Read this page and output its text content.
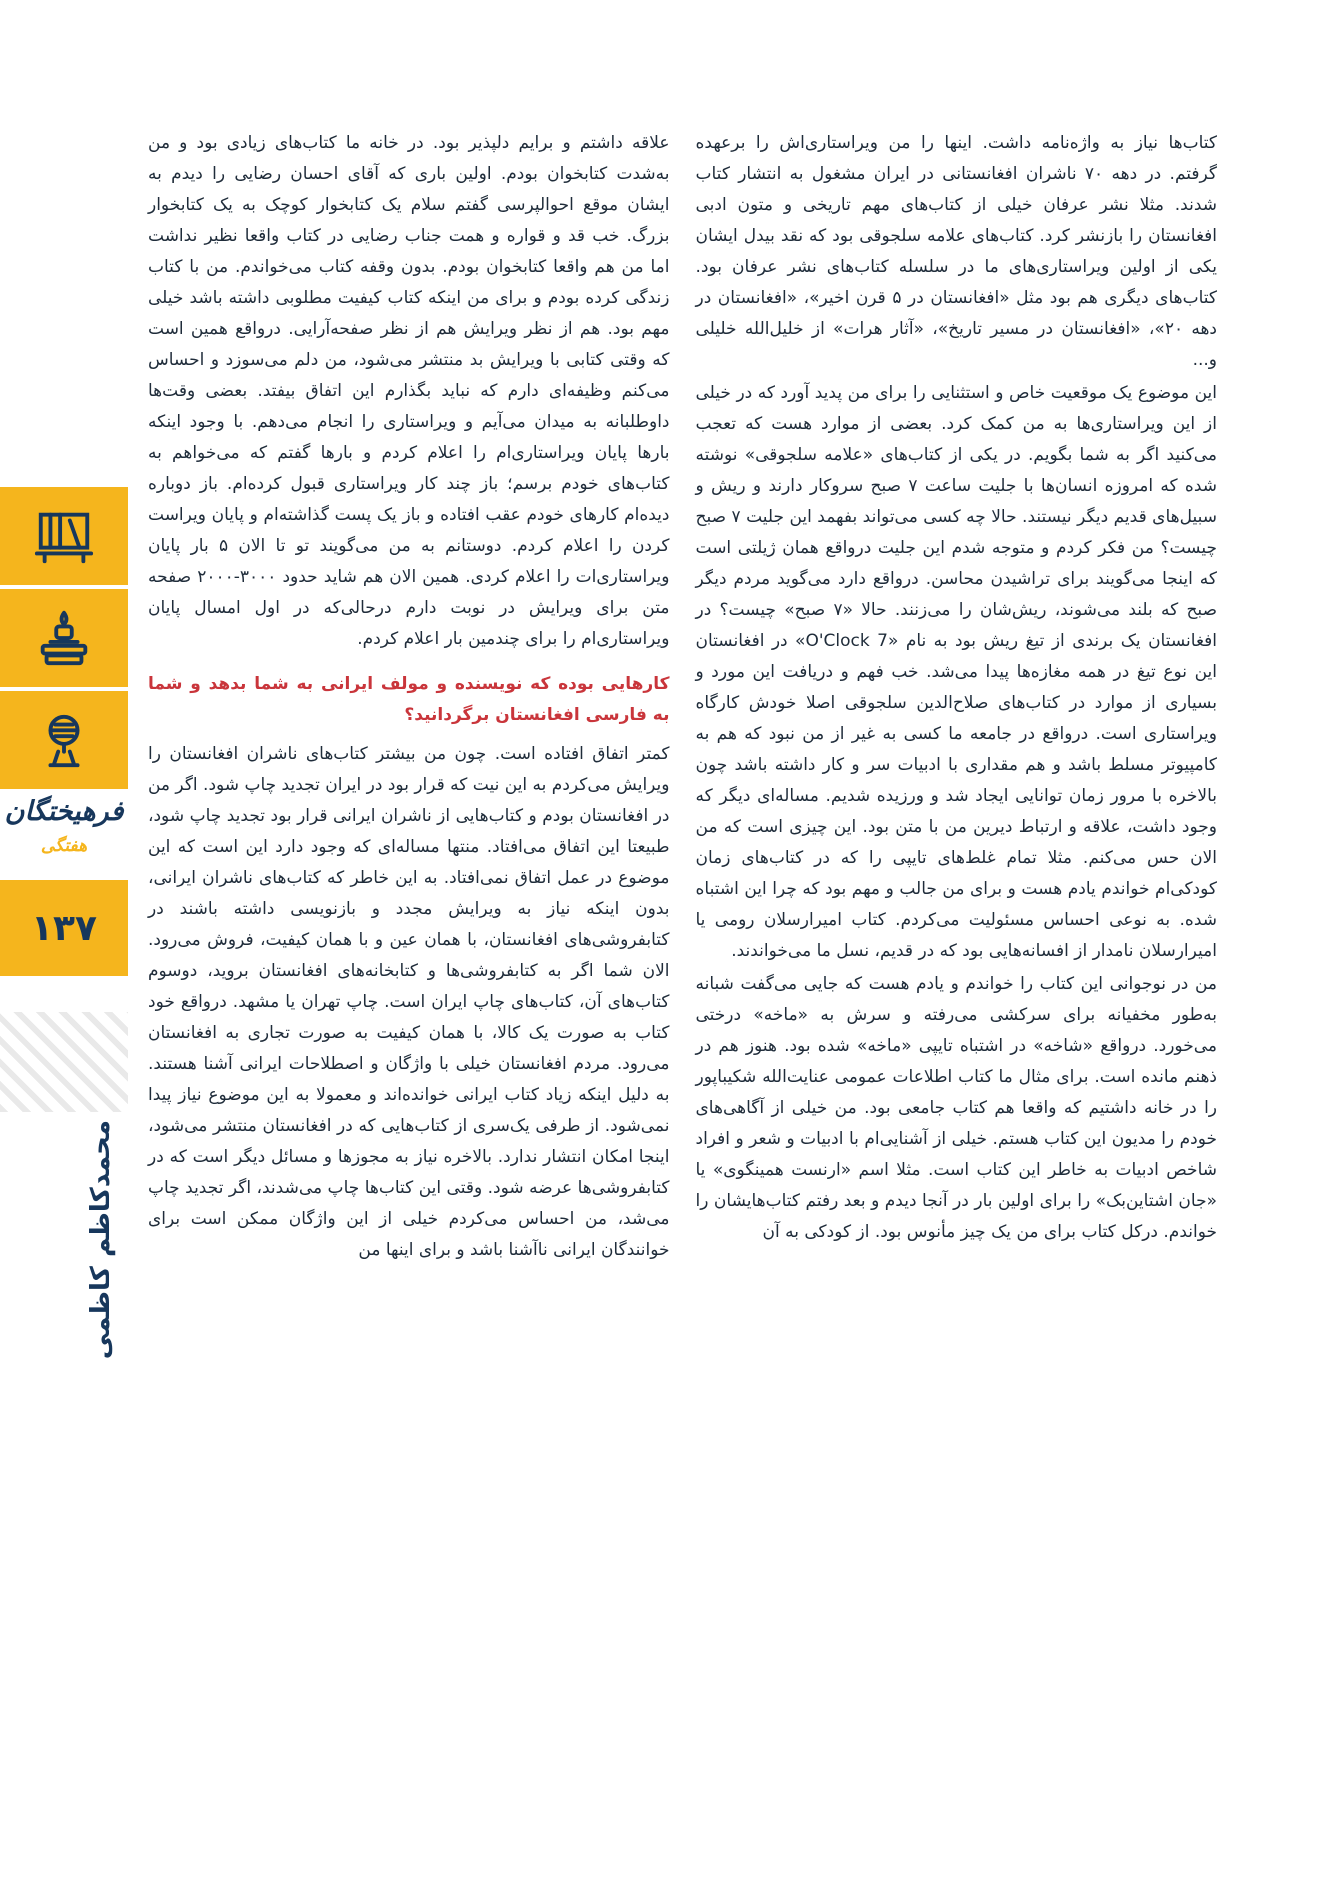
فرهیختگان
هفتگی
۱۳۷
محمدکاظم کاظمی

کتاب‌ها نیاز به واژه‌نامه داشت. اینها را من ویراستاری‌اش را برعهده گرفتم. در دهه ۷۰ ناشران افغانستانی در ایران مشغول به انتشار کتاب شدند. مثلا نشر عرفان خیلی از کتاب‌های مهم تاریخی و متون ادبی افغانستان را بازنشر کرد. کتاب‌های علامه سلجوقی بود که نقد بیدل ایشان یکی از اولین ویراستاری‌های ما در سلسله کتاب‌های نشر عرفان بود. کتاب‌های دیگری هم بود مثل «افغانستان در ۵ قرن اخیر»، «افغانستان در دهه ۲۰»، «افغانستان در مسیر تاریخ»، «آثار هرات» از خلیل‌الله خلیلی و...

این موضوع یک موقعیت خاص و استثنایی را برای من پدید آورد که در خیلی از این ویراستاری‌ها به من کمک کرد. بعضی از موارد هست که تعجب می‌کنید اگر به شما بگویم. در یکی از کتاب‌های «علامه سلجوقی» نوشته شده که امروزه انسان‌ها با جلیت ساعت ۷ صبح سروکار دارند و ریش و سبیل‌های قدیم دیگر نیستند. حالا چه کسی می‌تواند بفهمد این جلیت ۷ صبح چیست؟ من فکر کردم و متوجه شدم این جلیت درواقع همان ژیلتی است که اینجا می‌گویند برای تراشیدن محاسن. درواقع دارد می‌گوید مردم دیگر صبح که بلند می‌شوند، ریش‌شان را می‌زنند. حالا «۷ صبح» چیست؟ در افغانستان یک برندی از تیغ ریش بود به نام «7 O'Clock» در افغانستان این نوع تیغ در همه مغازه‌ها پیدا می‌شد. خب فهم و دریافت این مورد و بسیاری از موارد در کتاب‌های صلاح‌الدین سلجوقی اصلا خودش کارگاه ویراستاری است. درواقع در جامعه ما کسی به غیر از من نبود که هم به کامپیوتر مسلط باشد و هم مقداری با ادبیات سر و کار داشته باشد چون بالاخره با مرور زمان توانایی ایجاد شد و ورزیده شدیم. مساله‌ای دیگر که وجود داشت، علاقه و ارتباط دیرین من با متن بود. این چیزی است که من الان حس می‌کنم. مثلا تمام غلط‌های تایپی را که در کتاب‌های زمان کودکی‌ام خواندم یادم هست و برای من جالب و مهم بود که چرا این اشتباه شده. به نوعی احساس مسئولیت می‌کردم. کتاب امیرارسلان رومی یا امیرارسلان نامدار از افسانه‌هایی بود که در قدیم، نسل ما می‌خواندند.

من در نوجوانی این کتاب را خواندم و یادم هست که جایی می‌گفت شبانه به‌طور مخفیانه برای سرکشی می‌رفته و سرش به «ماخه» درختی می‌خورد. درواقع «شاخه» در اشتباه تایپی «ماخه» شده بود. هنوز هم در ذهنم مانده است. برای مثال ما کتاب اطلاعات عمومی عنایت‌الله شکیباپور را در خانه داشتیم که واقعا هم کتاب جامعی بود. من خیلی از آگاهی‌های خودم را مدیون این کتاب هستم. خیلی از آشنایی‌ام با ادبیات و شعر و افراد شاخص ادبیات به خاطر این کتاب است. مثلا اسم «ارنست همینگوی» یا «جان اشتاین‌بک» را برای اولین بار در آنجا دیدم و بعد رفتم کتاب‌هایشان را خواندم. درکل کتاب برای من یک چیز مأنوس بود. از کودکی به آن

علاقه داشتم و برایم دلپذیر بود. در خانه ما کتاب‌های زیادی بود و من به‌شدت کتابخوان بودم. اولین باری که آقای احسان رضایی را دیدم به ایشان موقع احوالپرسی گفتم سلام یک کتابخوار کوچک به یک کتابخوار بزرگ. خب قد و قواره و همت جناب رضایی در کتاب واقعا نظیر نداشت اما من هم واقعا کتابخوان بودم. بدون وقفه کتاب می‌خواندم. من با کتاب زندگی کرده بودم و برای من اینکه کتاب کیفیت مطلوبی داشته باشد خیلی مهم بود. هم از نظر ویرایش هم از نظر صفحه‌آرایی. درواقع همین است که وقتی کتابی با ویرایش بد منتشر می‌شود، من دلم می‌سوزد و احساس می‌کنم وظیفه‌ای دارم که نباید بگذارم این اتفاق بیفتد. بعضی وقت‌ها داوطلبانه به میدان می‌آیم و ویراستاری را انجام می‌دهم. با وجود اینکه بارها پایان ویراستاری‌ام را اعلام کردم و بارها گفتم که می‌خواهم به کتاب‌های خودم برسم؛ باز چند کار ویراستاری قبول کرده‌ام. باز دوباره دیده‌ام کارهای خودم عقب افتاده و باز یک پست گذاشته‌ام و پایان ویراست کردن را اعلام کردم. دوستانم به من می‌گویند تو تا الان ۵ بار پایان ویراستاری‌ات را اعلام کردی. همین الان هم شاید حدود ۳۰۰۰-۲۰۰۰ صفحه متن برای ویرایش در نوبت دارم درحالی‌که در اول امسال پایان ویراستاری‌ام را برای چندمین بار اعلام کردم.

کارهایی بوده که نویسنده و مولف ایرانی به شما بدهد و شما به فارسی افغانستان برگردانید؟

کمتر اتفاق افتاده است. چون من بیشتر کتاب‌های ناشران افغانستان را ویرایش می‌کردم به این نیت که قرار بود در ایران تجدید چاپ شود. اگر من در افغانستان بودم و کتاب‌هایی از ناشران ایرانی قرار بود تجدید چاپ شود، طبیعتا این اتفاق می‌افتاد. منتها مساله‌ای که وجود دارد این است که این موضوع در عمل اتفاق نمی‌افتاد. به این خاطر که کتاب‌های ناشران ایرانی، بدون اینکه نیاز به ویرایش مجدد و بازنویسی داشته باشند در کتابفروشی‌های افغانستان، با همان عین و با همان کیفیت، فروش می‌رود. الان شما اگر به کتابفروشی‌ها و کتابخانه‌های افغانستان بروید، دوسوم کتاب‌های آن، کتاب‌های چاپ ایران است. چاپ تهران یا مشهد. درواقع خود کتاب به صورت یک کالا، با همان کیفیت به صورت تجاری به افغانستان می‌رود. مردم افغانستان خیلی با واژگان و اصطلاحات ایرانی آشنا هستند. به دلیل اینکه زیاد کتاب ایرانی خوانده‌اند و معمولا به این موضوع نیاز پیدا نمی‌شود. از طرفی یک‌سری از کتاب‌هایی که در افغانستان منتشر می‌شود، اینجا امکان انتشار ندارد. بالاخره نیاز به مجوزها و مسائل دیگر است که در کتابفروشی‌ها عرضه شود. وقتی این کتاب‌ها چاپ می‌شدند، اگر تجدید چاپ می‌شد، من احساس می‌کردم خیلی از این واژگان ممکن است برای خوانندگان ایرانی ناآشنا باشد و برای اینها من
